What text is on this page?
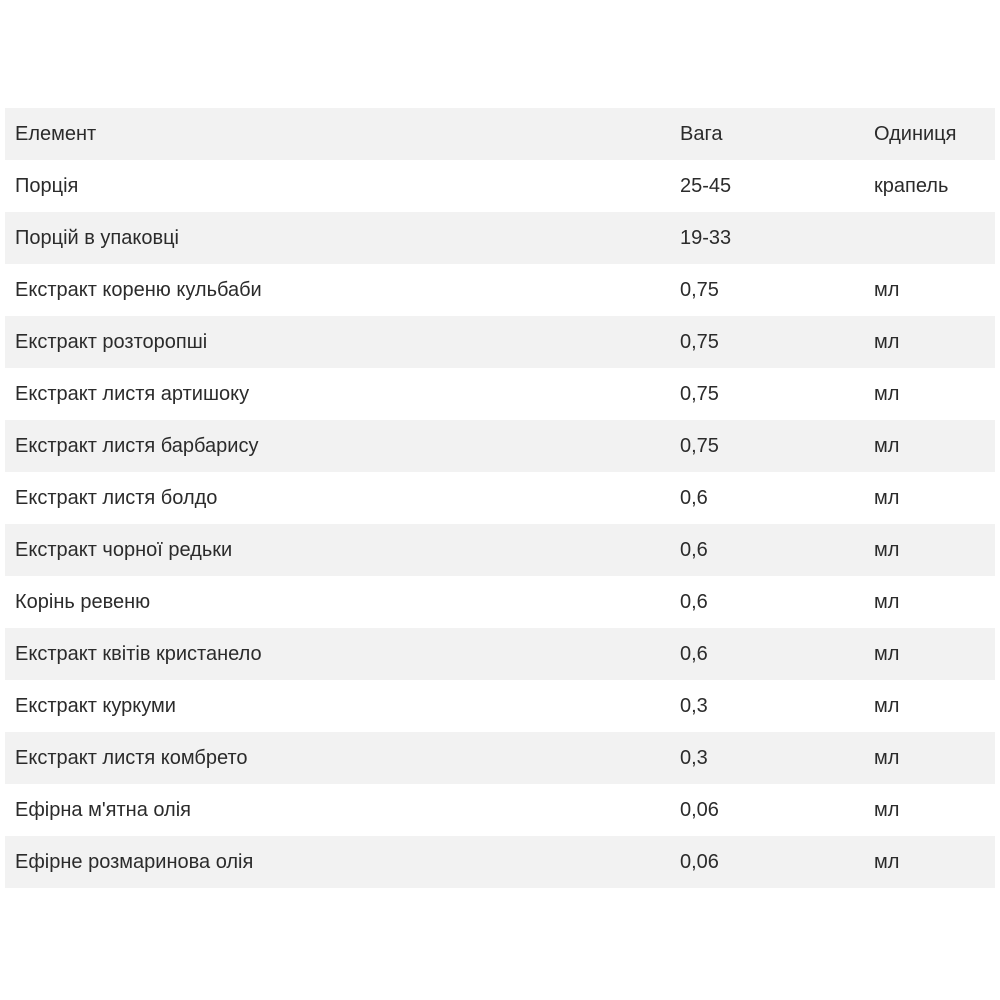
Елемент	Вага	Одиниця
Порція	25-45	крапель
Порцій в упаковці	19-33
Екстракт кореню кульбаби	0,75	мл
Екстракт розторопші	0,75	мл
Екстракт листя артишоку	0,75	мл
Екстракт листя барбарису	0,75	мл
Екстракт листя болдо	0,6	мл
Екстракт чорної редьки	0,6	мл
Корінь ревеню	0,6	мл
Екстракт квітів кристанело	0,6	мл
Екстракт куркуми	0,3	мл
Екстракт листя комбрето	0,3	мл
Ефірна м'ятна олія	0,06	мл
Ефірне розмаринова олія	0,06	мл
